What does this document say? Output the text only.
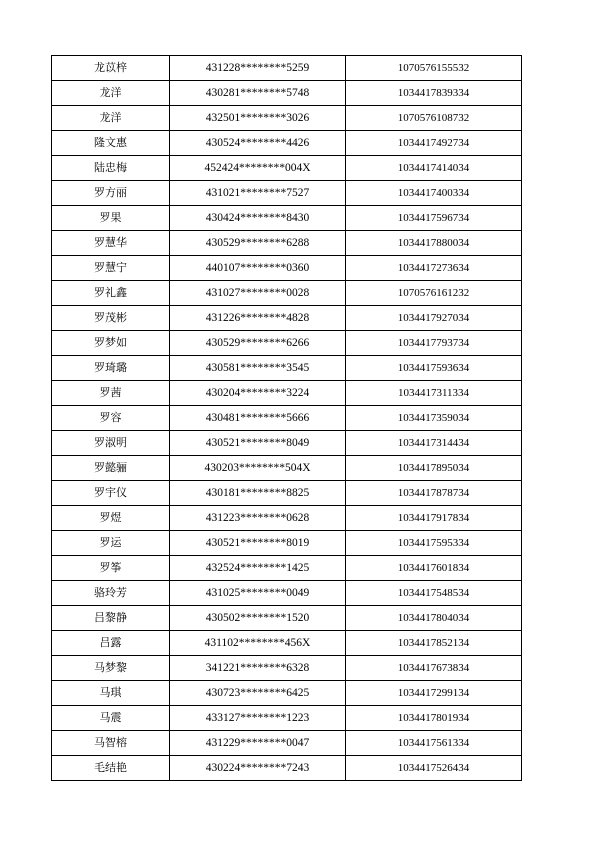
龙苡梓	431228********5259	1070576155532
龙洋	430281********5748	1034417839334
龙洋	432501********3026	1070576108732
隆文惠	430524********4426	1034417492734
陆忠梅	452424********004X	1034417414034
罗方丽	431021********7527	1034417400334
罗果	430424********8430	1034417596734
罗慧华	430529********6288	1034417880034
罗慧宁	440107********0360	1034417273634
罗礼鑫	431027********0028	1070576161232
罗茂彬	431226********4828	1034417927034
罗梦如	430529********6266	1034417793734
罗琦璐	430581********3545	1034417593634
罗茜	430204********3224	1034417311334
罗容	430481********5666	1034417359034
罗淑明	430521********8049	1034417314434
罗懿骊	430203********504X	1034417895034
罗宇仪	430181********8825	1034417878734
罗煜	431223********0628	1034417917834
罗运	430521********8019	1034417595334
罗筝	432524********1425	1034417601834
骆玲芳	431025********0049	1034417548534
吕黎静	430502********1520	1034417804034
吕露	431102********456X	1034417852134
马梦黎	341221********6328	1034417673834
马琪	430723********6425	1034417299134
马震	433127********1223	1034417801934
马智榕	431229********0047	1034417561334
毛结艳	430224********7243	1034417526434
